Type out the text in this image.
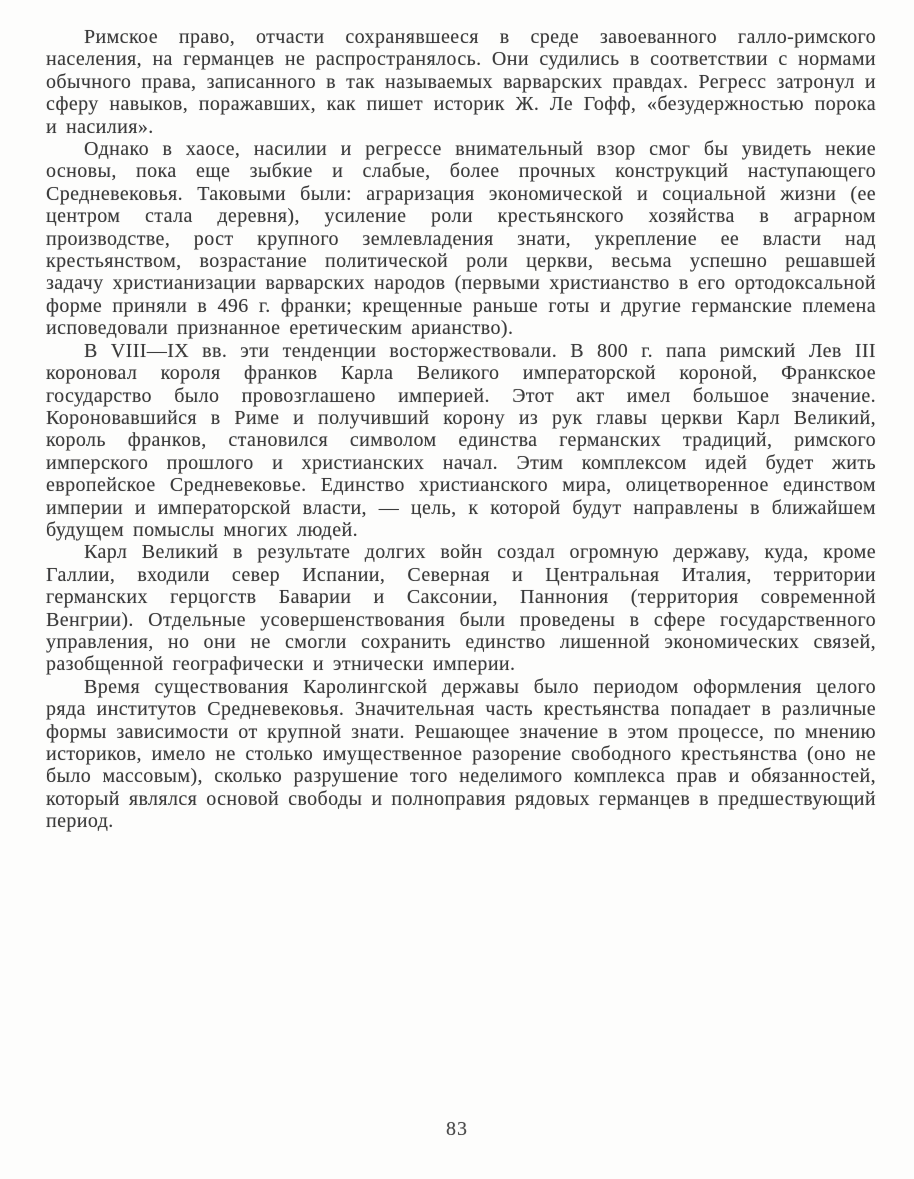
Римское право, отчасти сохранявшееся в среде завоеванного галло-римского населения, на германцев не распространялось. Они судились в соответствии с нормами обычного права, записанного в так называемых варварских правдах. Регресс затронул и сферу навыков, поражавших, как пишет историк Ж. Ле Гофф, «безудержностью порока и насилия».

Однако в хаосе, насилии и регрессе внимательный взор смог бы увидеть некие основы, пока еще зыбкие и слабые, более прочных конструкций наступающего Средневековья. Таковыми были: аграризация экономической и социальной жизни (ее центром стала деревня), усиление роли крестьянского хозяйства в аграрном производстве, рост крупного землевладения знати, укрепление ее власти над крестьянством, возрастание политической роли церкви, весьма успешно решавшей задачу христианизации варварских народов (первыми христианство в его ортодоксальной форме приняли в 496 г. франки; крещенные раньше готы и другие германские племена исповедовали признанное еретическим арианство).

В VIII—IX вв. эти тенденции восторжествовали. В 800 г. папа римский Лев III короновал короля франков Карла Великого императорской короной, Франкское государство было провозглашено империей. Этот акт имел большое значение. Короновавшийся в Риме и получивший корону из рук главы церкви Карл Великий, король франков, становился символом единства германских традиций, римского имперского прошлого и христианских начал. Этим комплексом идей будет жить европейское Средневековье. Единство христианского мира, олицетворенное единством империи и императорской власти, — цель, к которой будут направлены в ближайшем будущем помыслы многих людей.

Карл Великий в результате долгих войн создал огромную державу, куда, кроме Галлии, входили север Испании, Северная и Центральная Италия, территории германских герцогств Баварии и Саксонии, Паннония (территория современной Венгрии). Отдельные усовершенствования были проведены в сфере государственного управления, но они не смогли сохранить единство лишенной экономических связей, разобщенной географически и этнически империи.

Время существования Каролингской державы было периодом оформления целого ряда институтов Средневековья. Значительная часть крестьянства попадает в различные формы зависимости от крупной знати. Решающее значение в этом процессе, по мнению историков, имело не столько имущественное разорение свободного крестьянства (оно не было массовым), сколько разрушение того неделимого комплекса прав и обязанностей, который являлся основой свободы и полноправия рядовых германцев в предшествующий период.

83
